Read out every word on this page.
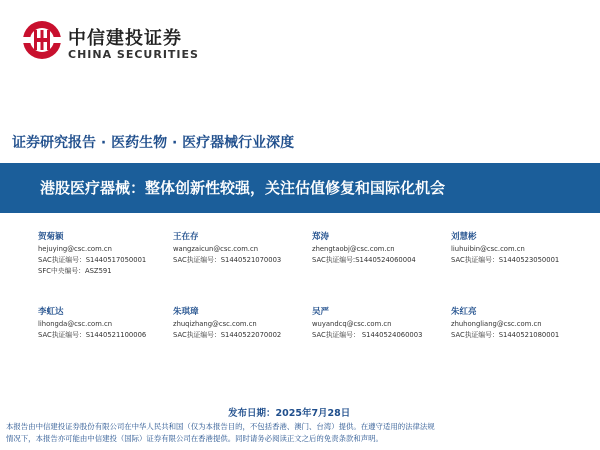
中信建投证券
CHINA SECURITIES
证券研究报告 · 医药生物 · 医疗器械行业深度
港股医疗器械：整体创新性较强，关注估值修复和国际化机会
贺菊颖
hejuying@csc.com.cn
SAC执证编号：S1440517050001
SFC中央编号：ASZ591
王在存
wangzaicun@csc.com.cn
SAC执证编号：S1440521070003
郑涛
zhengtaobj@csc.com.cn
SAC执证编号:S1440524060004
刘慧彬
liuhuibin@csc.com.cn
SAC执证编号：S1440523050001
李虹达
lihongda@csc.com.cn
SAC执证编号：S1440521100006
朱琪璋
zhuqizhang@csc.com.cn
SAC执证编号：S1440522070002
吴严
wuyandcq@csc.com.cn
SAC执证编号： S1440524060003
朱红亮
zhuhongliang@csc.com.cn
SAC执证编号：S1440521080001
发布日期：2025年7月28日

本报告由中信建投证券股份有限公司在中华人民共和国（仅为本报告目的，不包括香港、澳门、台湾）提供。在遵守适用的法律法规

情况下，本报告亦可能由中信建投（国际）证券有限公司在香港提供。同时请务必阅读正文之后的免责条款和声明。
